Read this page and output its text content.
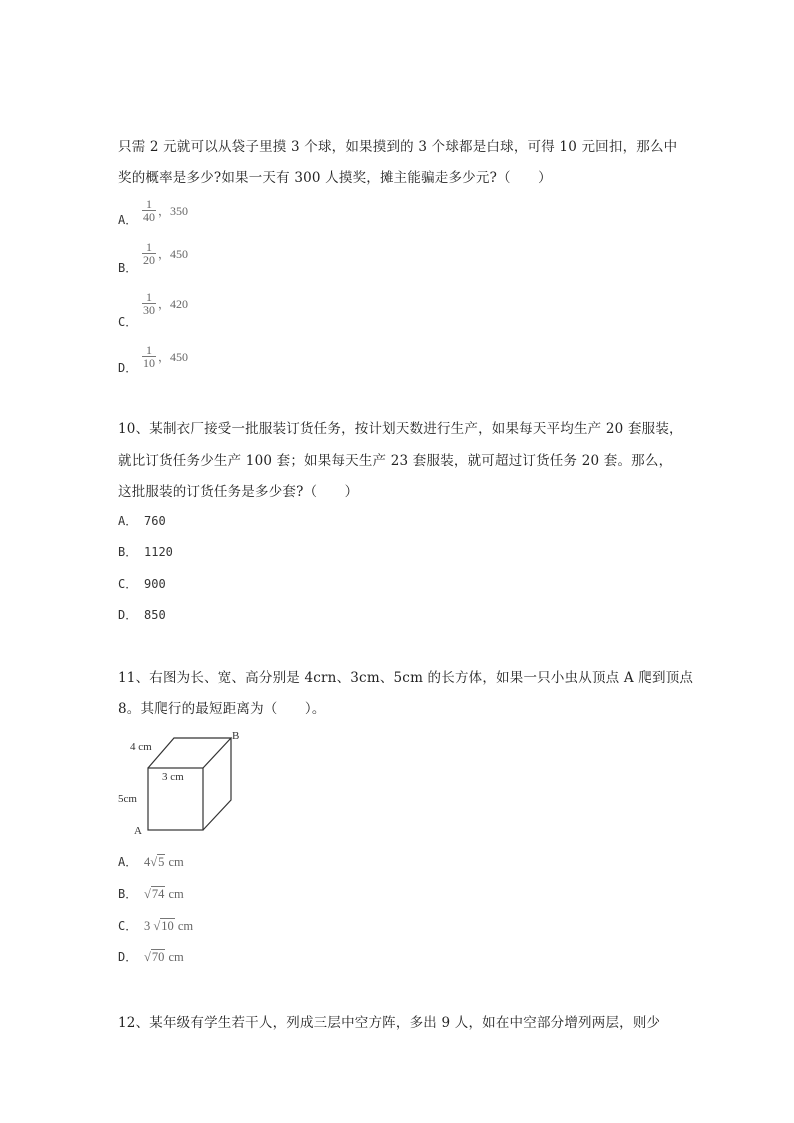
只需 2 元就可以从袋子里摸 3 个球，如果摸到的 3 个球都是白球，可得 10 元回扣，那么中
奖的概率是多少?如果一天有 300 人摸奖，摊主能骗走多少元?（　　）
A． $\frac{1}{40}$ ，350
B．
$\frac{1}{20}$ ，450
C．
$\frac{1}{30}$ ，420
D． $\frac{1}{10}$ ，450
10、某制衣厂接受一批服装订货任务，按计划天数进行生产，如果每天平均生产 20 套服装，
就比订货任务少生产 100 套；如果每天生产 23 套服装，就可超过订货任务 20 套。那么，
这批服装的订货任务是多少套?（　　）
A． 760
B． 1120
C． 900
D． 850
11、右图为长、宽、高分别是 4crn、3cm、5cm 的长方体，如果一只小虫从顶点 A 爬到顶点
8。其爬行的最短距离为（　　）。
4 cm
3 cm
5cm
A
B
A． 4√5 cm
B． √74 cm
C． 3 √10 cm
D． √70 cm
12、某年级有学生若干人，列成三层中空方阵，多出 9 人，如在中空部分增列两层，则少
